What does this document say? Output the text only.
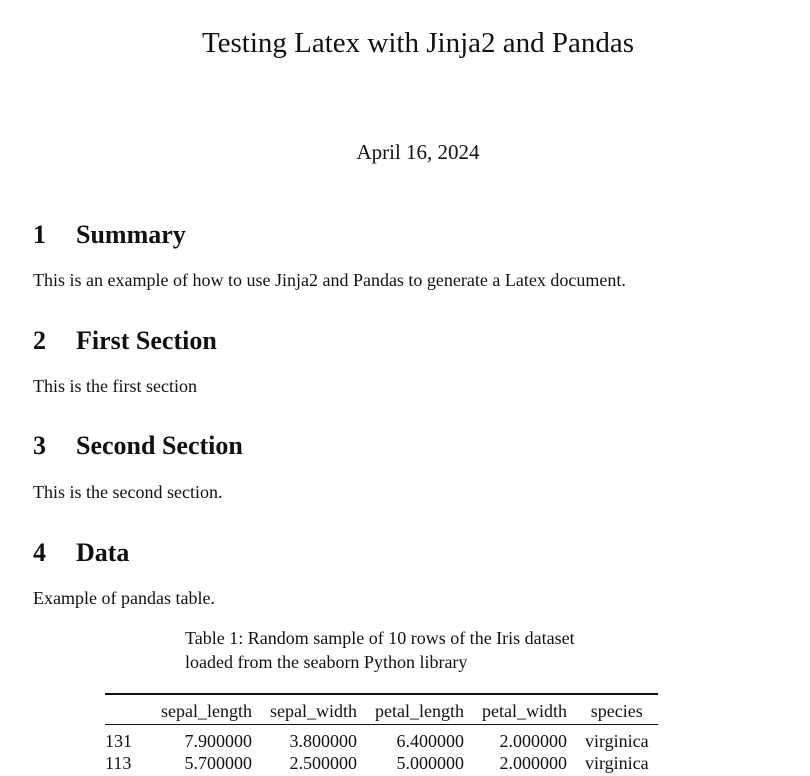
Testing Latex with Jinja2 and Pandas
April 16, 2024
1	Summary

This is an example of how to use Jinja2 and Pandas to generate a Latex document.

2	First Section

This is the first section

3	Second Section

This is the second section.

4	Data

Example of pandas table.

Table 1: Random sample of 10 rows of the Iris dataset
loaded from the seaborn Python library
	sepal_length	sepal_width	petal_length	petal_width	species
131	7.900000	3.800000	6.400000	2.000000	virginica
113	5.700000	2.500000	5.000000	2.000000	virginica
